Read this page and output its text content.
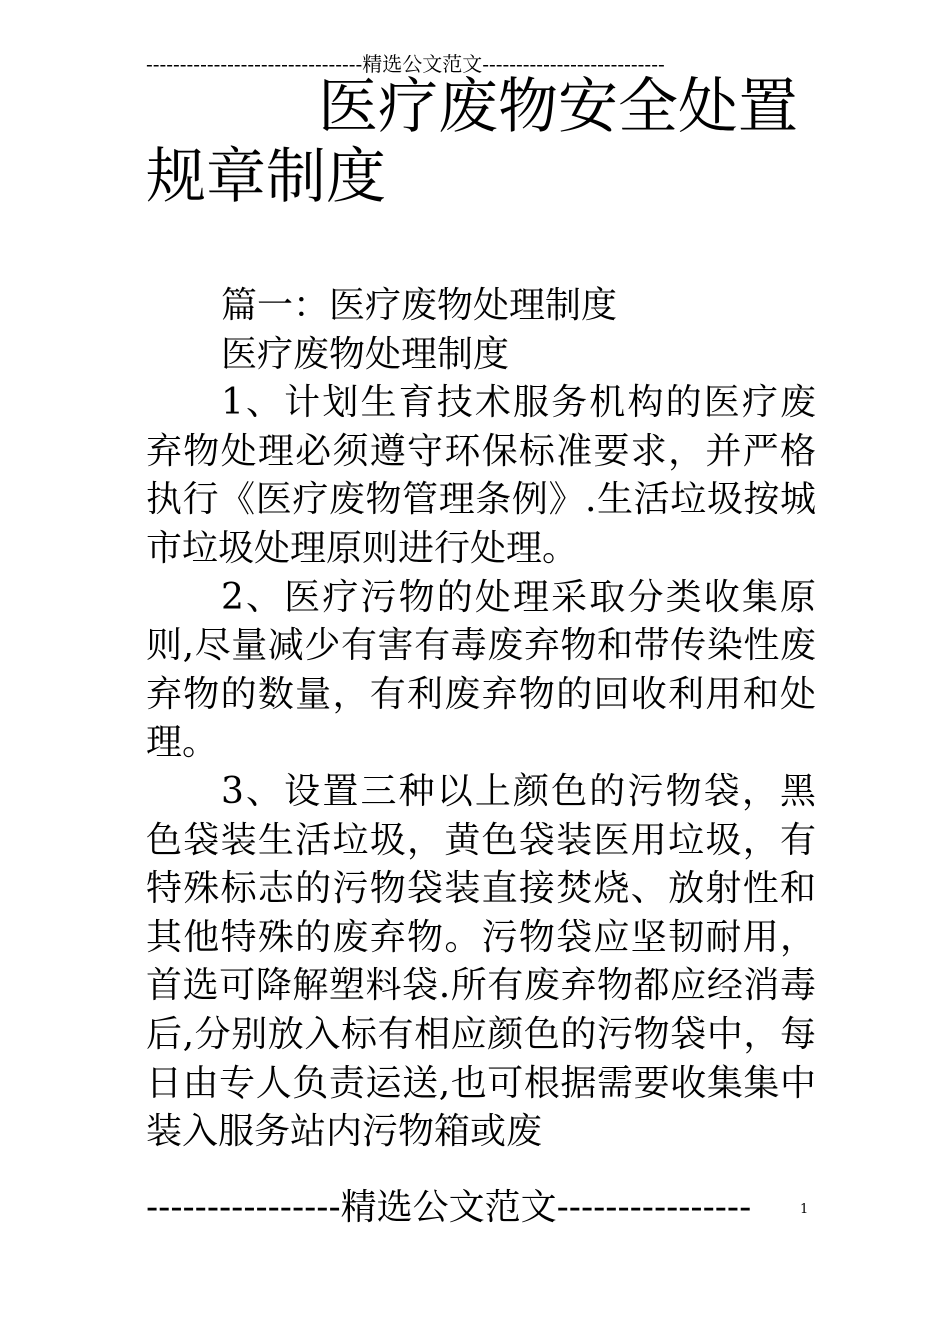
--------------------------------精选公文范文---------------------------
医疗废物安全处置
规章制度

篇一：医疗废物处理制度

医疗废物处理制度

1、计划生育技术服务机构的医疗废弃物处理必须遵守环保标准要求，并严格执行《医疗废物管理条例》.生活垃圾按城市垃圾处理原则进行处理。

2、医疗污物的处理采取分类收集原则,尽量减少有害有毒废弃物和带传染性废弃物的数量，有利废弃物的回收利用和处理。

3、设置三种以上颜色的污物袋，黑色袋装生活垃圾，黄色袋装医用垃圾，有特殊标志的污物袋装直接焚烧、放射性和其他特殊的废弃物。污物袋应坚韧耐用，首选可降解塑料袋.所有废弃物都应经消毒后,分别放入标有相应颜色的污物袋中，每日由专人负责运送,也可根据需要收集集中装入服务站内污物箱或废

----------------精选公文范文----------------	1
